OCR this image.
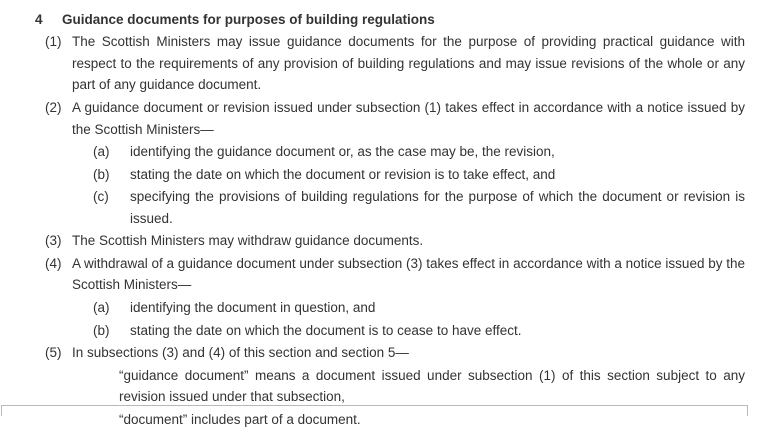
4 Guidance documents for purposes of building regulations
(1) The Scottish Ministers may issue guidance documents for the purpose of providing practical guidance with respect to the requirements of any provision of building regulations and may issue revisions of the whole or any part of any guidance document.
(2) A guidance document or revision issued under subsection (1) takes effect in accordance with a notice issued by the Scottish Ministers—
(a) identifying the guidance document or, as the case may be, the revision,
(b) stating the date on which the document or revision is to take effect, and
(c) specifying the provisions of building regulations for the purpose of which the document or revision is issued.
(3) The Scottish Ministers may withdraw guidance documents.
(4) A withdrawal of a guidance document under subsection (3) takes effect in accordance with a notice issued by the Scottish Ministers—
(a) identifying the document in question, and
(b) stating the date on which the document is to cease to have effect.
(5) In subsections (3) and (4) of this section and section 5—
“guidance document” means a document issued under subsection (1) of this section subject to any revision issued under that subsection,
“document” includes part of a document.
